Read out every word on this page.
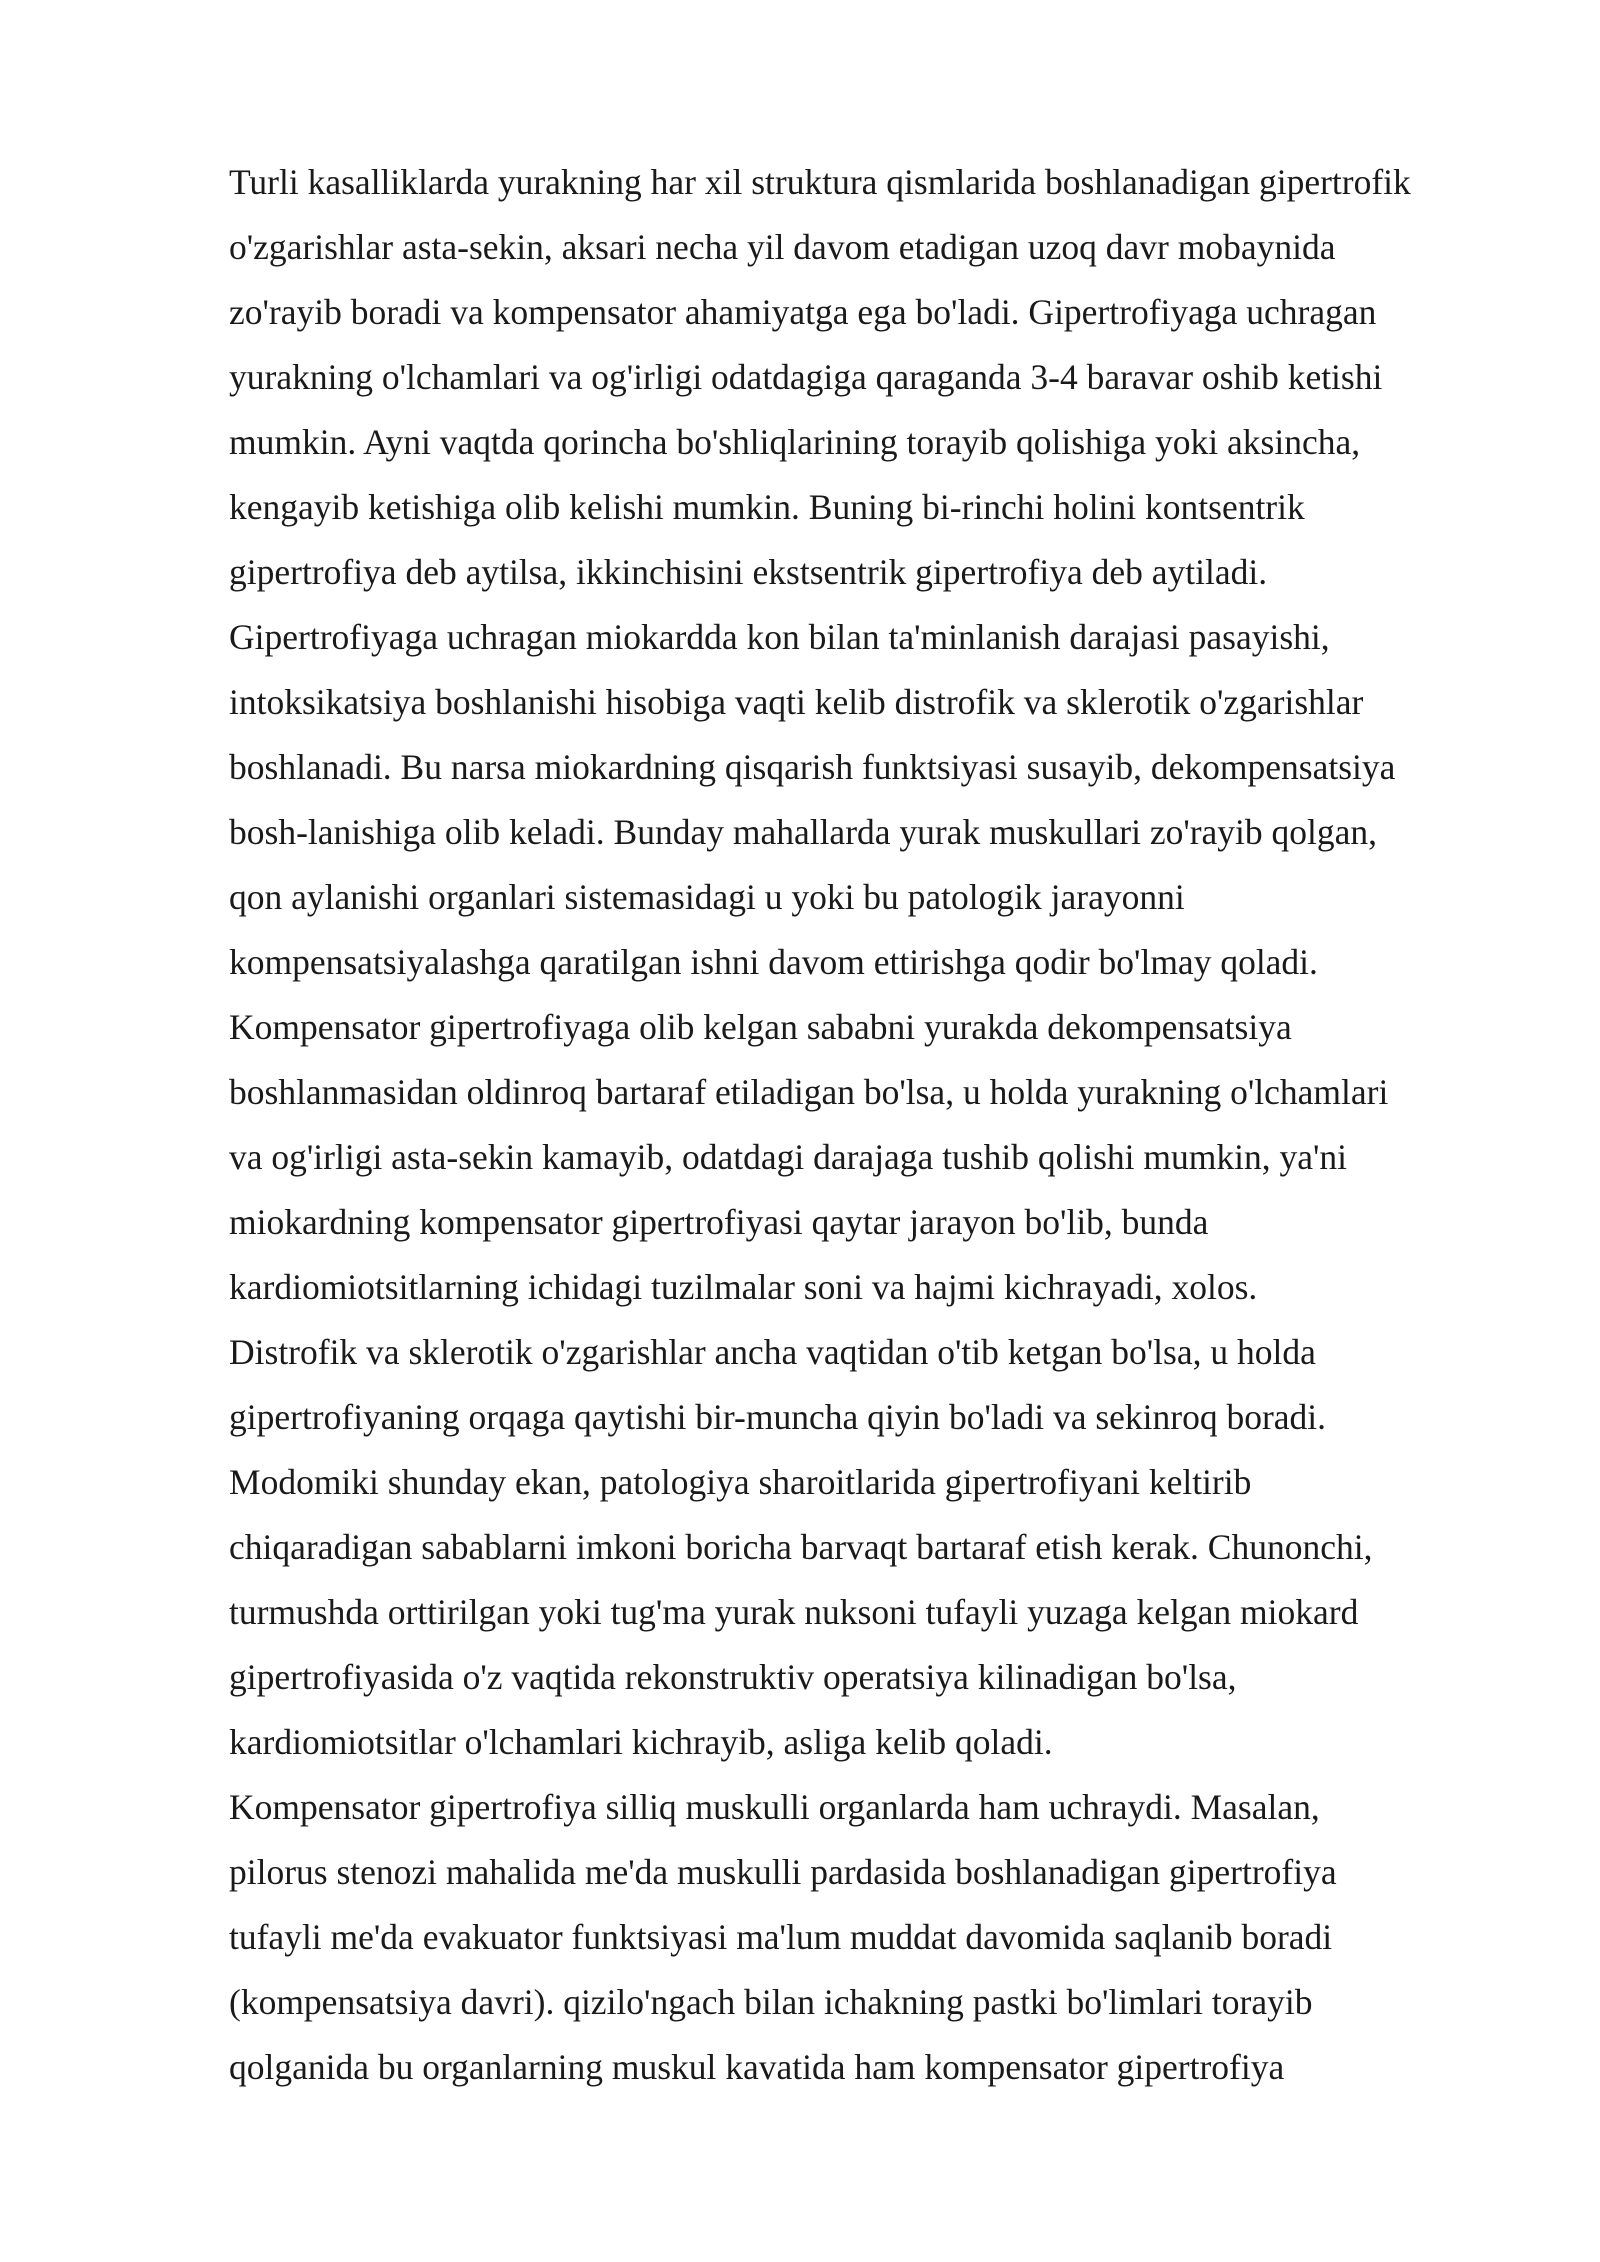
Turli kasalliklarda yurakning har xil struktura qismlarida boshlanadigan gipertrofik
o'zgarishlar asta-sekin, aksari necha yil davom etadigan uzoq davr mobaynida
zo'rayib boradi va kompensator ahamiyatga ega bo'ladi. Gipertrofiyaga uchragan
yurakning o'lchamlari va og'irligi odatdagiga qaraganda 3-4 baravar oshib ketishi
mumkin. Ayni vaqtda qorincha bo'shliqlarining torayib qolishiga yoki aksincha,
kengayib ketishiga olib kelishi mumkin. Buning bi-rinchi holini kontsentrik
gipertrofiya deb aytilsa, ikkinchisini ekstsentrik gipertrofiya deb aytiladi.
Gipertrofiyaga uchragan miokardda kon bilan ta'minlanish darajasi pasayishi,
intoksikatsiya boshlanishi hisobiga vaqti kelib distrofik va sklerotik o'zgarishlar
boshlanadi. Bu narsa miokardning qisqarish funktsiyasi susayib, dekompensatsiya
bosh-lanishiga olib keladi. Bunday mahallarda yurak muskullari zo'rayib qolgan,
qon aylanishi organlari sistemasidagi u yoki bu patologik jarayonni
kompensatsiyalashga qaratilgan ishni davom ettirishga qodir bo'lmay qoladi.
Kompensator gipertrofiyaga olib kelgan sababni yurakda dekompensatsiya
boshlanmasidan oldinroq bartaraf etiladigan bo'lsa, u holda yurakning o'lchamlari
va og'irligi asta-sekin kamayib, odatdagi darajaga tushib qolishi mumkin, ya'ni
miokardning kompensator gipertrofiyasi qaytar jarayon bo'lib, bunda
kardiomiotsitlarning ichidagi tuzilmalar soni va hajmi kichrayadi, xolos.
Distrofik va sklerotik o'zgarishlar ancha vaqtidan o'tib ketgan bo'lsa, u holda
gipertrofiyaning orqaga qaytishi bir-muncha qiyin bo'ladi va sekinroq boradi.
Modomiki shunday ekan, patologiya sharoitlarida gipertrofiyani keltirib
chiqaradigan sabablarni imkoni boricha barvaqt bartaraf etish kerak. Chunonchi,
turmushda orttirilgan yoki tug'ma yurak nuksoni tufayli yuzaga kelgan miokard
gipertrofiyasida o'z vaqtida rekonstruktiv operatsiya kilinadigan bo'lsa,
kardiomiotsitlar o'lchamlari kichrayib, asliga kelib qoladi.
Kompensator gipertrofiya silliq muskulli organlarda ham uchraydi. Masalan,
pilorus stenozi mahalida me'da muskulli pardasida boshlanadigan gipertrofiya
tufayli me'da evakuator funktsiyasi ma'lum muddat davomida saqlanib boradi
(kompensatsiya davri). qizilo'ngach bilan ichakning pastki bo'limlari torayib
qolganida bu organlarning muskul kavatida ham kompensator gipertrofiya
